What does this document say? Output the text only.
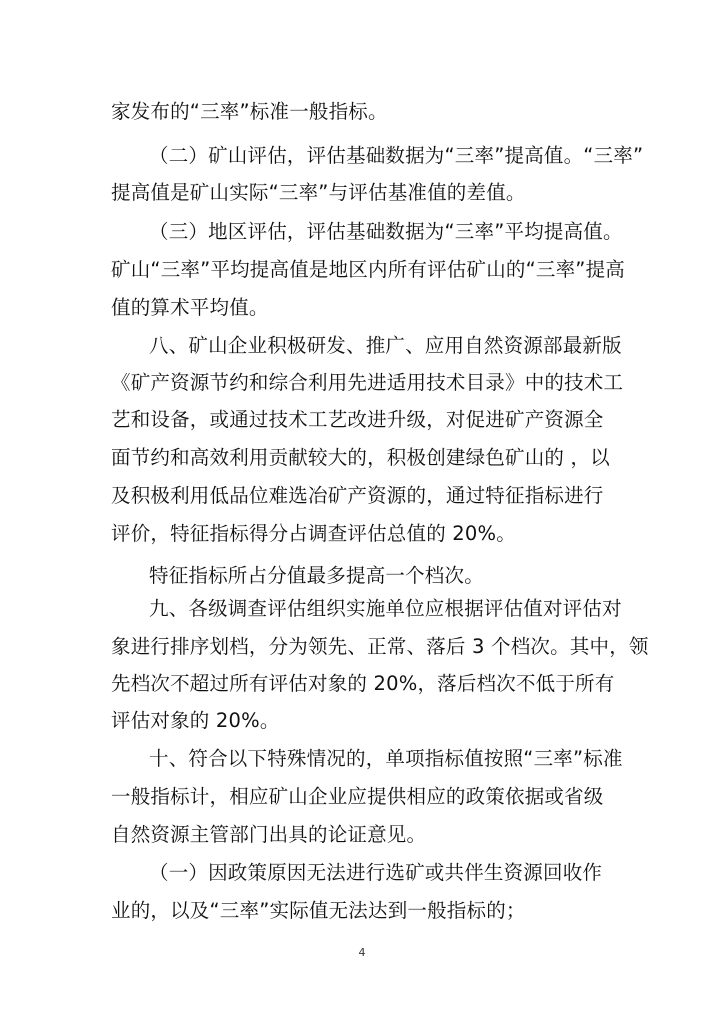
家发布的“三率”标准一般指标。
（二）矿山评估，评估基础数据为“三率”提高值。“三率”
提高值是矿山实际“三率”与评估基准值的差值。
（三）地区评估，评估基础数据为“三率”平均提高值。
矿山“三率”平均提高值是地区内所有评估矿山的“三率”提高
值的算术平均值。
八、矿山企业积极研发、推广、应用自然资源部最新版
《矿产资源节约和综合利用先进适用技术目录》中的技术工
艺和设备，或通过技术工艺改进升级，对促进矿产资源全
面节约和高效利用贡献较大的，积极创建绿色矿山的 ，以
及积极利用低品位难选冶矿产资源的，通过特征指标进行
评价，特征指标得分占调查评估总值的 20%。
特征指标所占分值最多提高一个档次。
九、各级调查评估组织实施单位应根据评估值对评估对
象进行排序划档，分为领先、正常、落后 3 个档次。其中，领
先档次不超过所有评估对象的 20%，落后档次不低于所有
评估对象的 20%。
十、符合以下特殊情况的，单项指标值按照“三率”标准
一般指标计，相应矿山企业应提供相应的政策依据或省级
自然资源主管部门出具的论证意见。
（一）因政策原因无法进行选矿或共伴生资源回收作
业的，以及“三率”实际值无法达到一般指标的；
4
